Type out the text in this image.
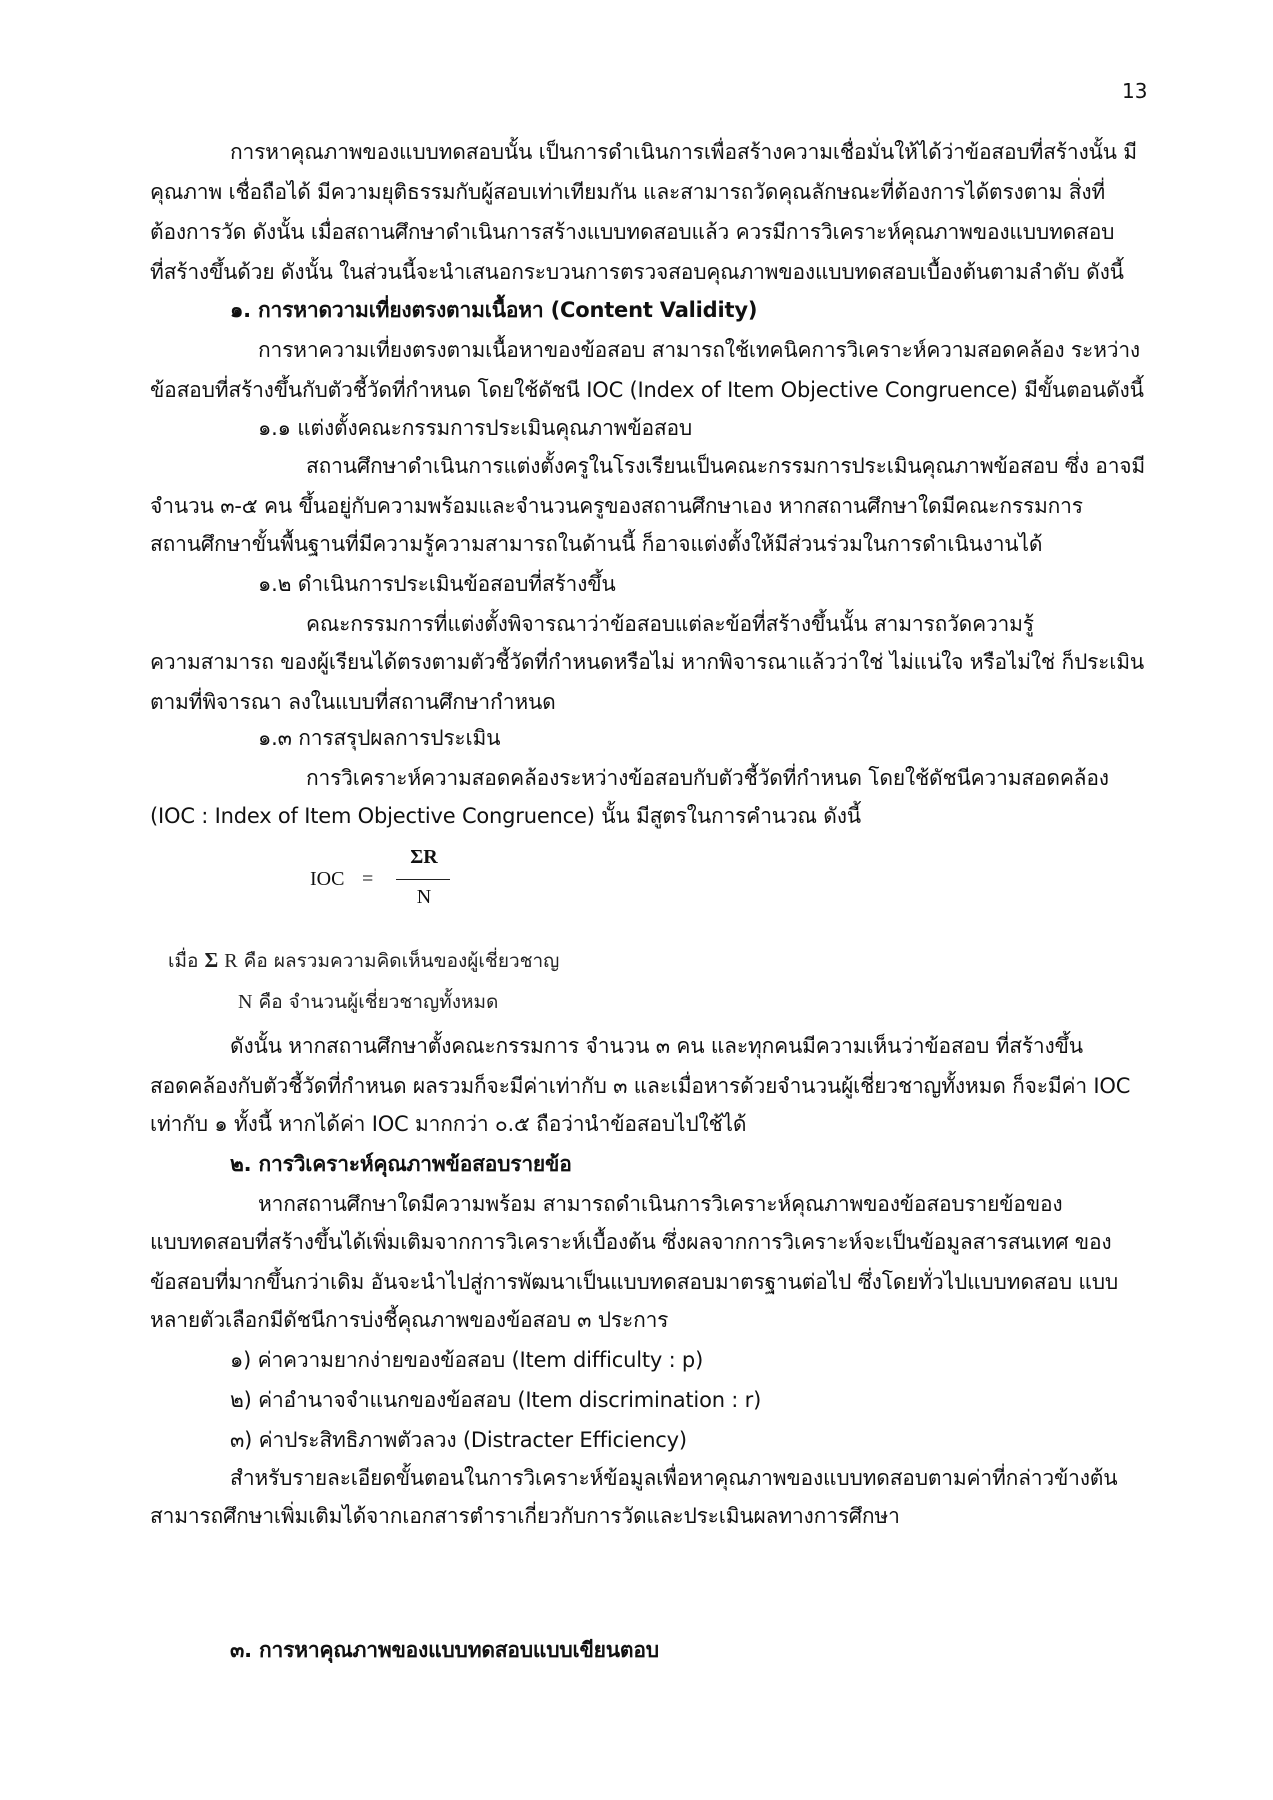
13
การหาคุณภาพของแบบทดสอบนั้น เป็นการดำเนินการเพื่อสร้างความเชื่อมั่นให้ได้ว่าข้อสอบที่สร้างนั้น มี
คุณภาพ เชื่อถือได้ มีความยุติธรรมกับผู้สอบเท่าเทียมกัน และสามารถวัดคุณลักษณะที่ต้องการได้ตรงตาม สิ่งที่
ต้องการวัด ดังนั้น เมื่อสถานศึกษาดำเนินการสร้างแบบทดสอบแล้ว ควรมีการวิเคราะห์คุณภาพของแบบทดสอบ
ที่สร้างขึ้นด้วย ดังนั้น ในส่วนนี้จะนำเสนอกระบวนการตรวจสอบคุณภาพของแบบทดสอบเบื้องต้นตามลำดับ ดังนี้
๑. การหาดวามเที่ยงตรงตามเนื้อหา (Content Validity)
การหาความเที่ยงตรงตามเนื้อหาของข้อสอบ สามารถใช้เทคนิคการวิเคราะห์ความสอดคล้อง ระหว่าง
ข้อสอบที่สร้างขึ้นกับตัวชี้วัดที่กำหนด โดยใช้ดัชนี IOC (Index of Item Objective Congruence) มีขั้นตอนดังนี้
๑.๑ แต่งตั้งคณะกรรมการประเมินคุณภาพข้อสอบ
สถานศึกษาดำเนินการแต่งตั้งครูในโรงเรียนเป็นคณะกรรมการประเมินคุณภาพข้อสอบ ซึ่ง อาจมี
จำนวน ๓-๕ คน ขึ้นอยู่กับความพร้อมและจำนวนครูของสถานศึกษาเอง หากสถานศึกษาใดมีคณะกรรมการ
สถานศึกษาขั้นพื้นฐานที่มีความรู้ความสามารถในด้านนี้ ก็อาจแต่งตั้งให้มีส่วนร่วมในการดำเนินงานได้
๑.๒ ดำเนินการประเมินข้อสอบที่สร้างขึ้น
คณะกรรมการที่แต่งตั้งพิจารณาว่าข้อสอบแต่ละข้อที่สร้างขึ้นนั้น สามารถวัดความรู้
ความสามารถ ของผู้เรียนได้ตรงตามตัวชี้วัดที่กำหนดหรือไม่ หากพิจารณาแล้วว่าใช่ ไม่แน่ใจ หรือไม่ใช่ ก็ประเมิน
ตามที่พิจารณา ลงในแบบที่สถานศึกษากำหนด
๑.๓ การสรุปผลการประเมิน
การวิเคราะห์ความสอดคล้องระหว่างข้อสอบกับตัวชี้วัดที่กำหนด โดยใช้ดัชนีความสอดคล้อง
(IOC : Index of Item Objective Congruence) นั้น มีสูตรในการคำนวณ ดังนี้
IOC =
ΣR
N
เมื่อ Σ R คือ ผลรวมความคิดเห็นของผู้เชี่ยวชาญ
N คือ จำนวนผู้เชี่ยวชาญทั้งหมด
ดังนั้น หากสถานศึกษาตั้งคณะกรรมการ จำนวน ๓ คน และทุกคนมีความเห็นว่าข้อสอบ ที่สร้างขึ้น
สอดคล้องกับตัวชี้วัดที่กำหนด ผลรวมก็จะมีค่าเท่ากับ ๓ และเมื่อหารด้วยจำนวนผู้เชี่ยวชาญทั้งหมด ก็จะมีค่า IOC
เท่ากับ ๑ ทั้งนี้ หากได้ค่า IOC มากกว่า ๐.๕ ถือว่านำข้อสอบไปใช้ได้
๒. การวิเคราะห์คุณภาพข้อสอบรายข้อ
หากสถานศึกษาใดมีความพร้อม สามารถดำเนินการวิเคราะห์คุณภาพของข้อสอบรายข้อของ
แบบทดสอบที่สร้างขึ้นได้เพิ่มเติมจากการวิเคราะห์เบื้องต้น ซึ่งผลจากการวิเคราะห์จะเป็นข้อมูลสารสนเทศ ของ
ข้อสอบที่มากขึ้นกว่าเดิม อันจะนำไปสู่การพัฒนาเป็นแบบทดสอบมาตรฐานต่อไป ซึ่งโดยทั่วไปแบบทดสอบ แบบ
หลายตัวเลือกมีดัชนีการบ่งชี้คุณภาพของข้อสอบ ๓ ประการ
๑) ค่าความยากง่ายของข้อสอบ (Item difficulty : p)
๒) ค่าอำนาจจำแนกของข้อสอบ (Item discrimination : r)
๓) ค่าประสิทธิภาพตัวลวง (Distracter Efficiency)
สำหรับรายละเอียดขั้นตอนในการวิเคราะห์ข้อมูลเพื่อหาคุณภาพของแบบทดสอบตามค่าที่กล่าวข้างต้น
สามารถศึกษาเพิ่มเติมได้จากเอกสารตำราเกี่ยวกับการวัดและประเมินผลทางการศึกษา
๓. การหาคุณภาพของแบบทดสอบแบบเขียนตอบ
